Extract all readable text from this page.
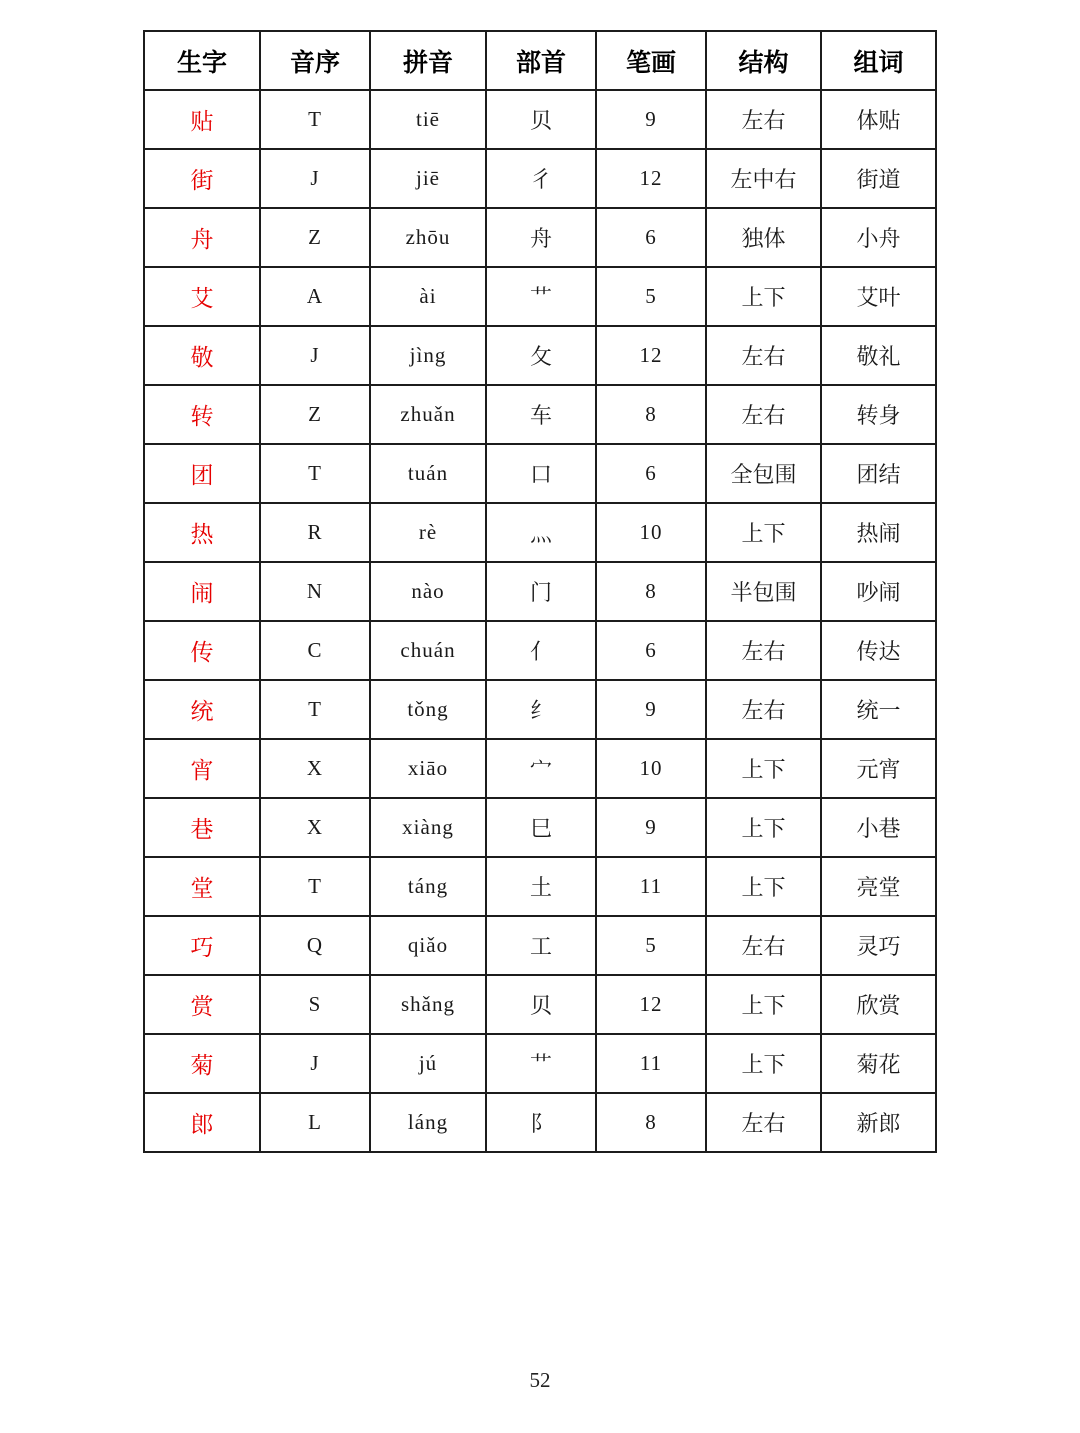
生字	音序	拼音	部首	笔画	结构	组词
贴	T	tiē	贝	9	左右	体贴
街	J	jiē	彳	12	左中右	街道
舟	Z	zhōu	舟	6	独体	小舟
艾	A	ài	艹	5	上下	艾叶
敬	J	jìng	攵	12	左右	敬礼
转	Z	zhuǎn	车	8	左右	转身
团	T	tuán	口	6	全包围	团结
热	R	rè	灬	10	上下	热闹
闹	N	nào	门	8	半包围	吵闹
传	C	chuán	亻	6	左右	传达
统	T	tǒng	纟	9	左右	统一
宵	X	xiāo	宀	10	上下	元宵
巷	X	xiàng	巳	9	上下	小巷
堂	T	táng	土	11	上下	亮堂
巧	Q	qiǎo	工	5	左右	灵巧
赏	S	shǎng	贝	12	上下	欣赏
菊	J	jú	艹	11	上下	菊花
郎	L	láng	阝	8	左右	新郎
52
